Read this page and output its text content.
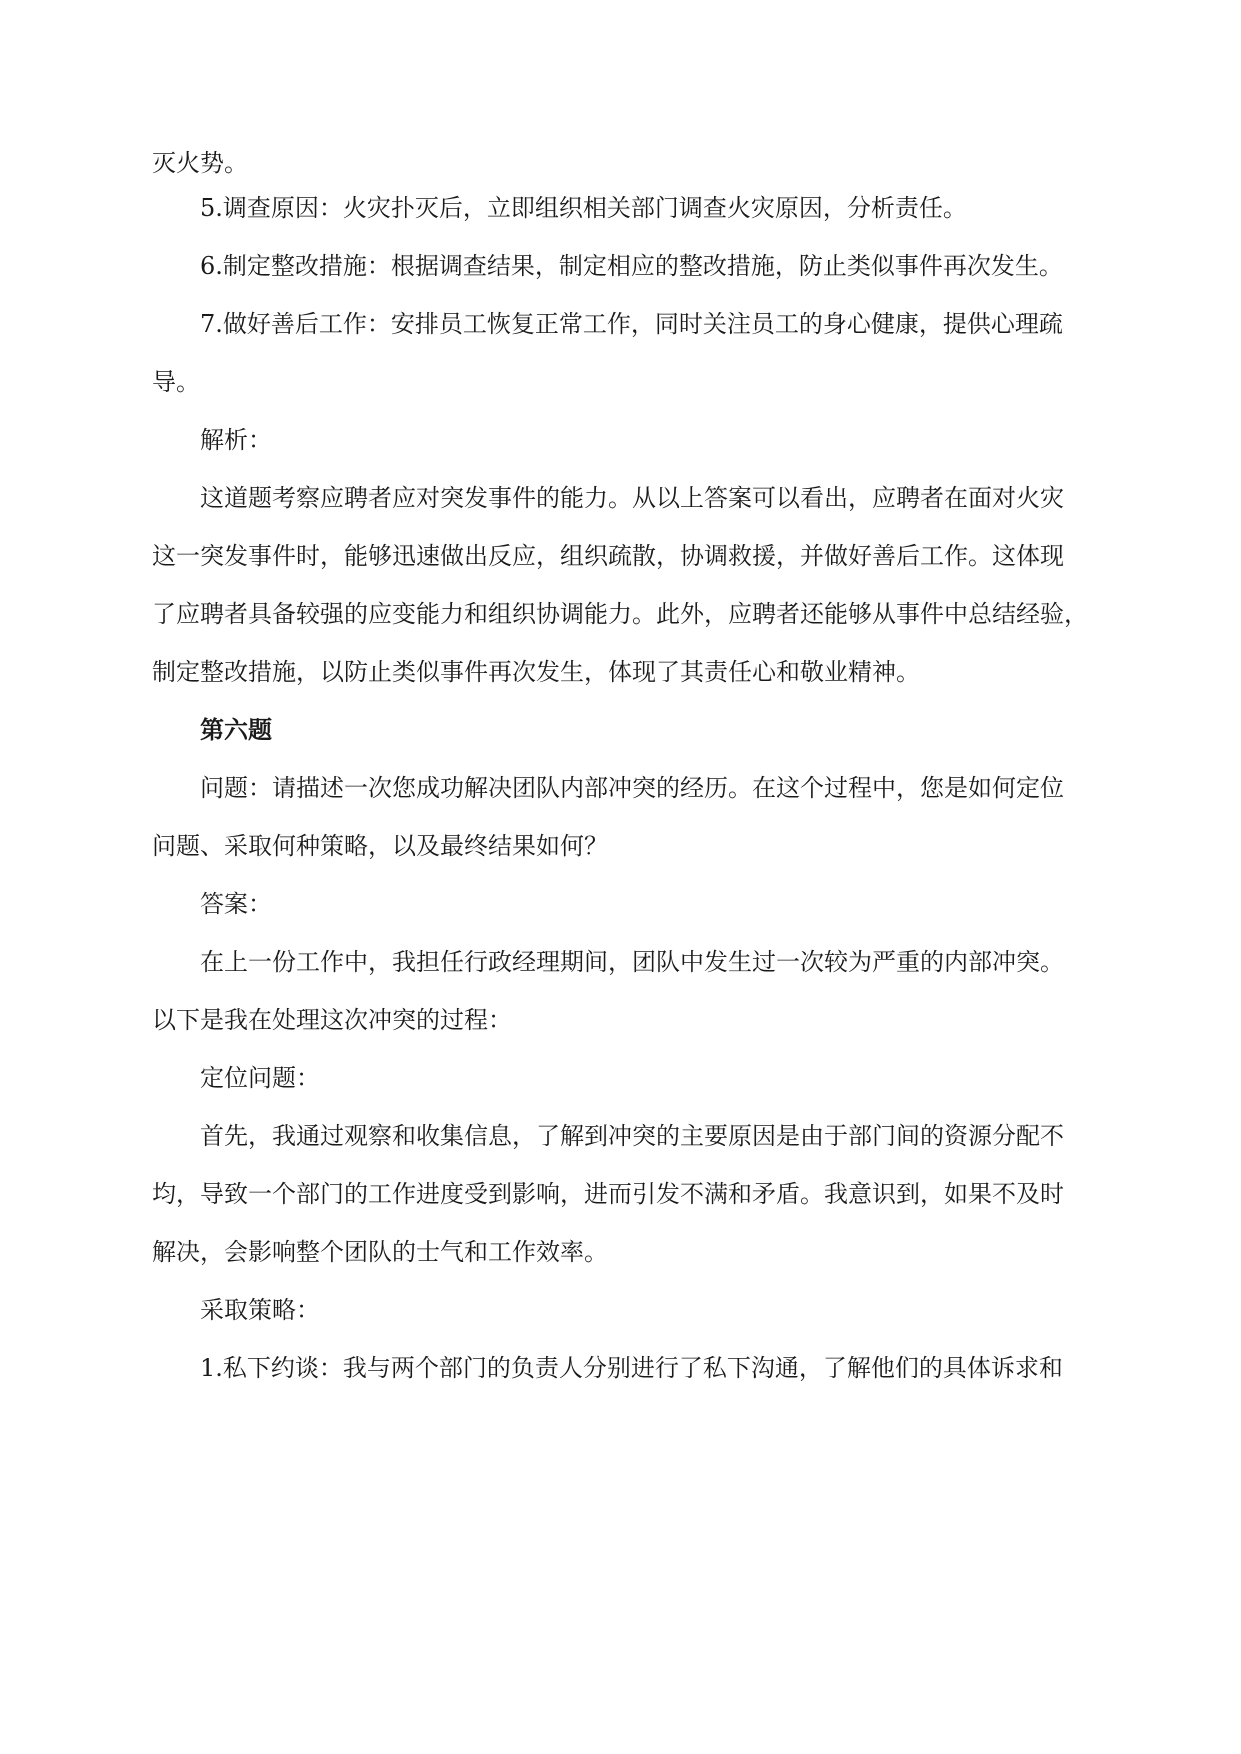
灭火势。
5.调查原因：火灾扑灭后，立即组织相关部门调查火灾原因，分析责任。
6.制定整改措施：根据调查结果，制定相应的整改措施，防止类似事件再次发生。
7.做好善后工作：安排员工恢复正常工作，同时关注员工的身心健康，提供心理疏
导。
解析：
这道题考察应聘者应对突发事件的能力。从以上答案可以看出，应聘者在面对火灾
这一突发事件时，能够迅速做出反应，组织疏散，协调救援，并做好善后工作。这体现
了应聘者具备较强的应变能力和组织协调能力。此外，应聘者还能够从事件中总结经验，
制定整改措施，以防止类似事件再次发生，体现了其责任心和敬业精神。
第六题
问题：请描述一次您成功解决团队内部冲突的经历。在这个过程中，您是如何定位
问题、采取何种策略，以及最终结果如何？
答案：
在上一份工作中，我担任行政经理期间，团队中发生过一次较为严重的内部冲突。
以下是我在处理这次冲突的过程：
定位问题：
首先，我通过观察和收集信息，了解到冲突的主要原因是由于部门间的资源分配不
均，导致一个部门的工作进度受到影响，进而引发不满和矛盾。我意识到，如果不及时
解决，会影响整个团队的士气和工作效率。
采取策略：
1.私下约谈：我与两个部门的负责人分别进行了私下沟通，了解他们的具体诉求和
